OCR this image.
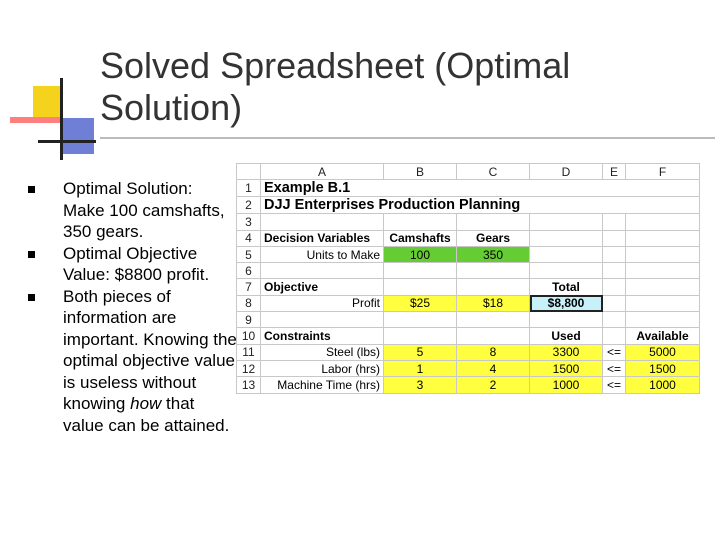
Solved Spreadsheet (Optimal Solution)
Optimal Solution: Make 100 camshafts, 350 gears.
Optimal Objective Value: $8800 profit.
Both pieces of information are important. Knowing the optimal objective value is useless without knowing how that value can be attained.
	A	B	C	D	E	F
1	Example B.1					
2	DJJ Enterprises Production Planning					
3						
4	Decision Variables	Camshafts	Gears			
5	Units to Make	100	350			
6						
7	Objective			Total		
8	Profit	$25	$18	$8,800		
9						
10	Constraints			Used		Available
11	Steel (lbs)	5	8	3300	<=	5000
12	Labor (hrs)	1	4	1500	<=	1500
13	Machine Time (hrs)	3	2	1000	<=	1000
